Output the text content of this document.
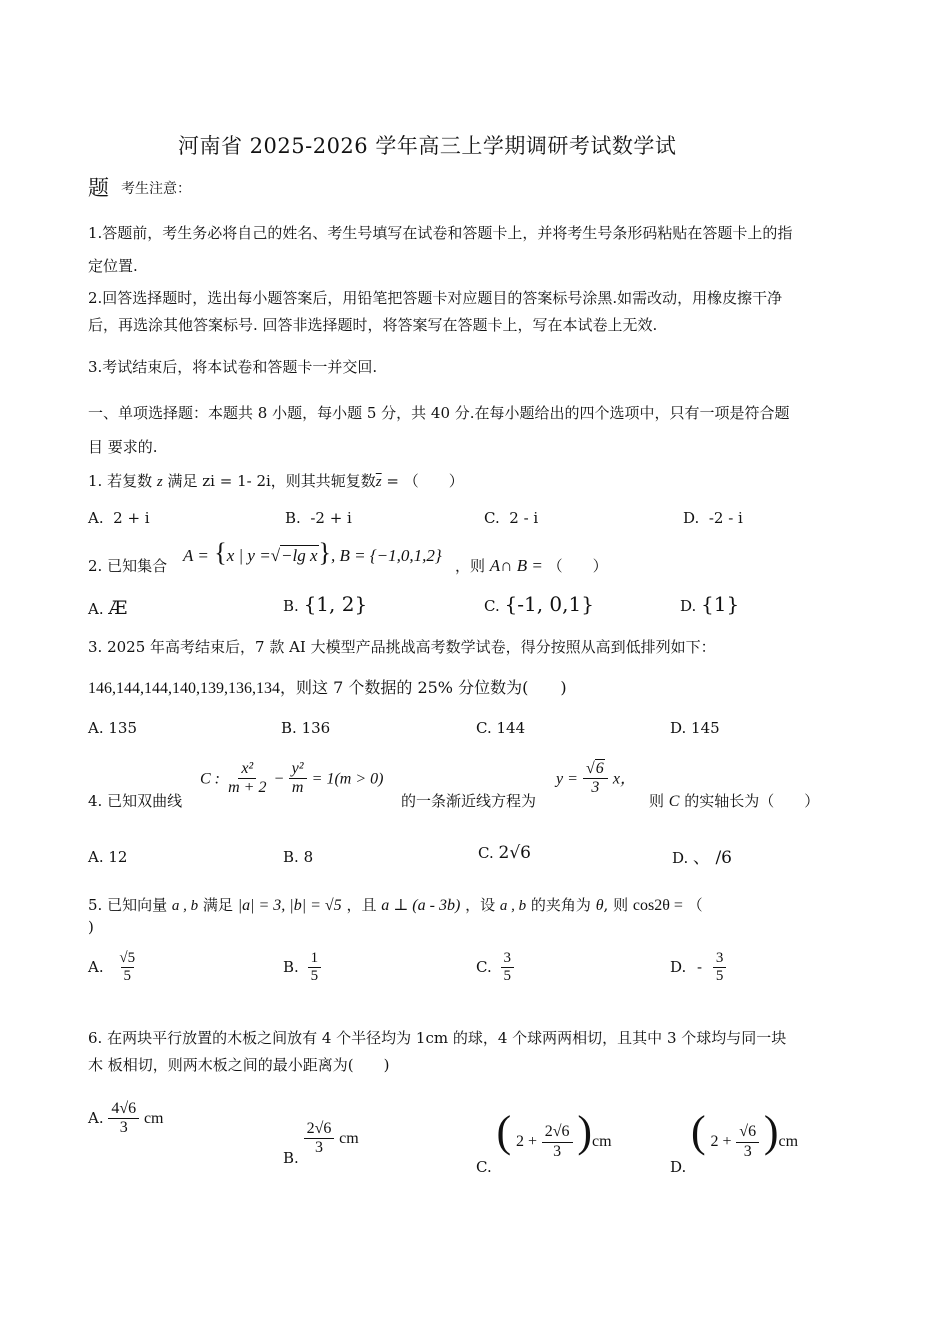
河南省 2025-2026 学年高三上学期调研考试数学试
题 考生注意：
1.答题前，考生务必将自己的姓名、考生号填写在试卷和答题卡上，并将考生号条形码粘贴在答题卡上的指
定位置.
2.回答选择题时，选出每小题答案后，用铅笔把答题卡对应题目的答案标号涂黑.如需改动，用橡皮擦干净
后，再选涂其他答案标号. 回答非选择题时，将答案写在答题卡上，写在本试卷上无效.
3.考试结束后，将本试卷和答题卡一并交回.
一、单项选择题：本题共 8 小题，每小题 5 分，共 40 分.在每小题给出的四个选项中，只有一项是符合题
目 要求的.
1. 若复数 z 满足 zi = 1- 2i，则其共轭复数$\overline{z}$ = （　　）
A. 2 + i	B. -2 + i	C. 2 - i	D. -2 - i
2. 已知集合
A = {x | y =√−lg x}, B = {−1,0,1,2}
，则 A∩ B = （　　）
A. Æ	B. {1, 2}	C. {-1, 0,1}	D. {1}
3. 2025 年高考结束后，7 款 AI 大模型产品挑战高考数学试卷，得分按照从高到低排列如下：
146,144,144,140,139,136,134，则这 7 个数据的 25% 分位数为(　　)
A. 135	B. 136	C. 144	D. 145
4. 已知双曲线
C : $\frac{\text{x²}}{m + 2} - \frac{\text{y²}}{m} = 1(m > 0)$
的一条渐近线方程为
$y = \frac{√6}{3}$ x，
则 C 的实轴长为（　　）
A. 12	B. 8	C. 2√6	D. 、 /6
5. 已知向量 a , b 满足 |a| = 3, |b| = √5 ，且 a ⊥ (a - 3b) ，设 a , b 的夹角为 θ, 则 cos2θ = （
)
A. $\frac{√5}{5}$	B. $\frac{1}{5}$	C. $\frac{3}{5}$	D. - $\frac{3}{5}$
6. 在两块平行放置的木板之间放有 4 个半径均为 1cm 的球，4 个球两两相切，且其中 3 个球均与同一块
木 板相切，则两木板之间的最小距离为(　　)
A. $\frac{4√6}{3}$ cm
B.
$\frac{2√6}{3}$ cm
C. ( $2 + \frac{2√6}{3} )cm$
D. ( $2 + \frac{√6}{3} )cm$
